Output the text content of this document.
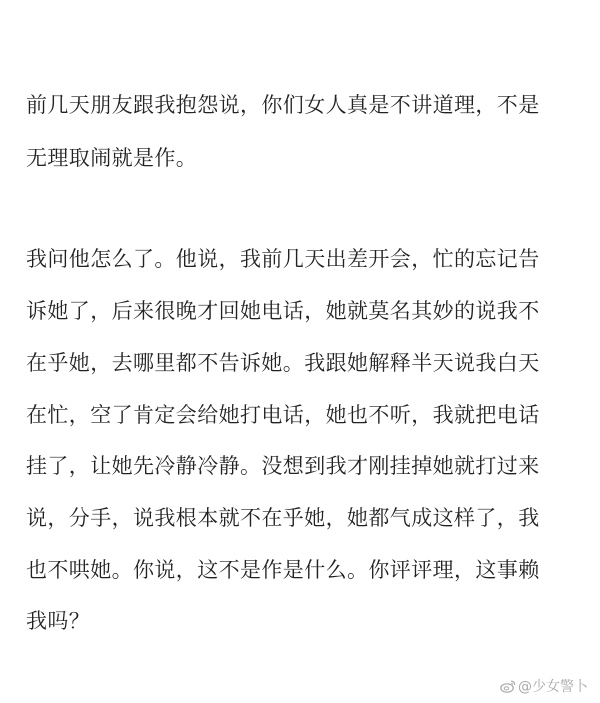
前几天朋友跟我抱怨说，你们女人真是不讲道理，不是
无理取闹就是作。
我问他怎么了。他说，我前几天出差开会，忙的忘记告
诉她了，后来很晚才回她电话，她就莫名其妙的说我不
在乎她，去哪里都不告诉她。我跟她解释半天说我白天
在忙，空了肯定会给她打电话，她也不听，我就把电话
挂了，让她先冷静冷静。没想到我才刚挂掉她就打过来
说，分手，说我根本就不在乎她，她都气成这样了，我
也不哄她。你说，这不是作是什么。你评评理，这事赖
我吗？
@少女警卜
